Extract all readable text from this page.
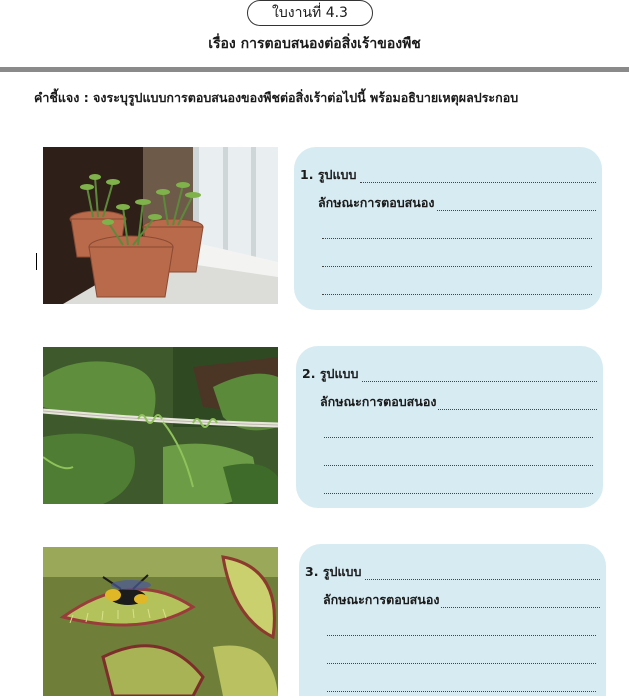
ใบงานที่ 4.3
เรื่อง การตอบสนองต่อสิ่งเร้าของพืช
คำชี้แจง : จงระบุรูปแบบการตอบสนองของพืชต่อสิ่งเร้าต่อไปนี้ พร้อมอธิบายเหตุผลประกอบ
1. รูปแบบ
ลักษณะการตอบสนอง
2. รูปแบบ
ลักษณะการตอบสนอง
3. รูปแบบ
ลักษณะการตอบสนอง
